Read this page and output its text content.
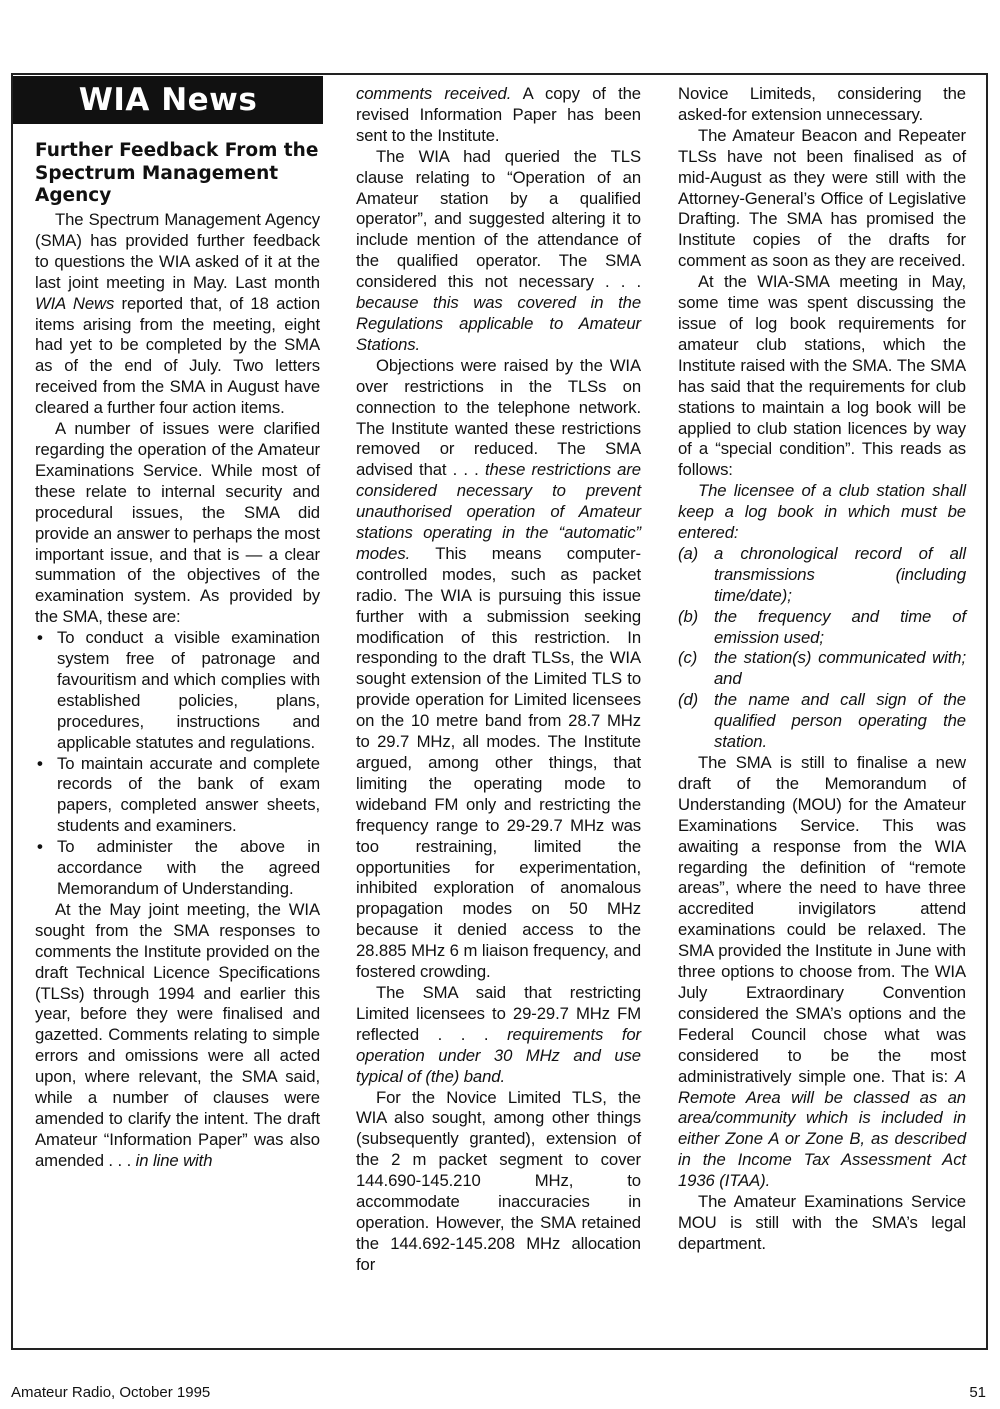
WIA News
Further Feedback From the Spectrum Management Agency

The Spectrum Management Agency (SMA) has provided further feedback to questions the WIA asked of it at the last joint meeting in May. Last month WIA News reported that, of 18 action items arising from the meeting, eight had yet to be completed by the SMA as of the end of July. Two letters received from the SMA in August have cleared a further four action items.

A number of issues were clarified regarding the operation of the Amateur Examinations Service. While most of these relate to internal security and procedural issues, the SMA did provide an answer to perhaps the most important issue, and that is — a clear summation of the objectives of the examination system. As provided by the SMA, these are:

• To conduct a visible examination system free of patronage and favouritism and which complies with established policies, plans, procedures, instructions and applicable statutes and regulations.
• To maintain accurate and complete records of the bank of exam papers, completed answer sheets, students and examiners.
• To administer the above in accordance with the agreed Memorandum of Understanding.

At the May joint meeting, the WIA sought from the SMA responses to comments the Institute provided on the draft Technical Licence Specifications (TLSs) through 1994 and earlier this year, before they were finalised and gazetted. Comments relating to simple errors and omissions were all acted upon, where relevant, the SMA said, while a number of clauses were amended to clarify the intent. The draft Amateur “Information Paper” was also amended . . . in line with

comments received. A copy of the revised Information Paper has been sent to the Institute.

The WIA had queried the TLS clause relating to “Operation of an Amateur station by a qualified operator”, and suggested altering it to include mention of the attendance of the qualified operator. The SMA considered this not necessary . . . because this was covered in the Regulations applicable to Amateur Stations.

Objections were raised by the WIA over restrictions in the TLSs on connection to the telephone network. The Institute wanted these restrictions removed or reduced. The SMA advised that . . . these restrictions are considered necessary to prevent unauthorised operation of Amateur stations operating in the “automatic” modes. This means computer-controlled modes, such as packet radio. The WIA is pursuing this issue further with a submission seeking modification of this restriction. In responding to the draft TLSs, the WIA sought extension of the Limited TLS to provide operation for Limited licensees on the 10 metre band from 28.7 MHz to 29.7 MHz, all modes. The Institute argued, among other things, that limiting the operating mode to wideband FM only and restricting the frequency range to 29-29.7 MHz was too restraining, limited the opportunities for experimentation, inhibited exploration of anomalous propagation modes on 50 MHz because it denied access to the 28.885 MHz 6 m liaison frequency, and fostered crowding.

The SMA said that restricting Limited licensees to 29-29.7 MHz FM reflected . . . requirements for operation under 30 MHz and use typical of (the) band.

For the Novice Limited TLS, the WIA also sought, among other things (subsequently granted), extension of the 2 m packet segment to cover 144.690-145.210 MHz, to accommodate inaccuracies in operation. However, the SMA retained the 144.692-145.208 MHz allocation for

Novice Limiteds, considering the asked-for extension unnecessary.

The Amateur Beacon and Repeater TLSs have not been finalised as of mid-August as they were still with the Attorney-General’s Office of Legislative Drafting. The SMA has promised the Institute copies of the drafts for comment as soon as they are received.

At the WIA-SMA meeting in May, some time was spent discussing the issue of log book requirements for amateur club stations, which the Institute raised with the SMA. The SMA has said that the requirements for club stations to maintain a log book will be applied to club station licences by way of a “special condition”. This reads as follows:

The licensee of a club station shall keep a log book in which must be entered:

(a) a chronological record of all transmissions (including time/date);
(b) the frequency and time of emission used;
(c) the station(s) communicated with; and
(d) the name and call sign of the qualified person operating the station.

The SMA is still to finalise a new draft of the Memorandum of Understanding (MOU) for the Amateur Examinations Service. This was awaiting a response from the WIA regarding the definition of “remote areas”, where the need to have three accredited invigilators attend examinations could be relaxed. The SMA provided the Institute in June with three options to choose from. The WIA July Extraordinary Convention considered the SMA’s options and the Federal Council chose what was considered to be the most administratively simple one. That is: A Remote Area will be classed as an area/community which is included in either Zone A or Zone B, as described in the Income Tax Assessment Act 1936 (ITAA).

The Amateur Examinations Service MOU is still with the SMA’s legal department.

Amateur Radio, October 1995	51
